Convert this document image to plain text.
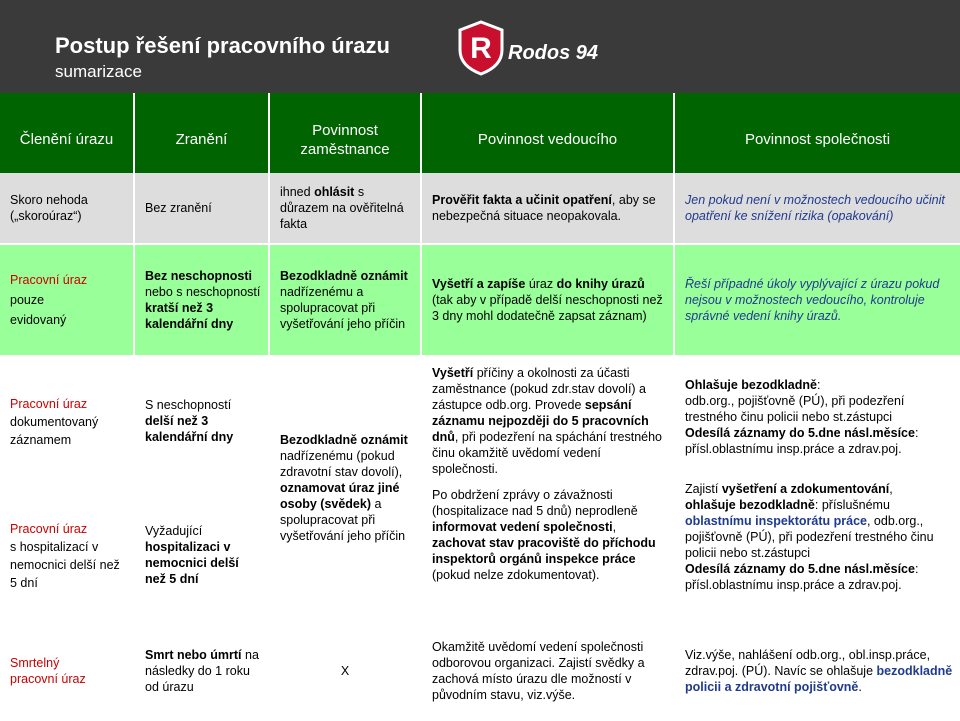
Postup řešení pracovního úrazu
sumarizace
R Rodos 94
Členění úrazu	Zranění
Povinnost zaměstnance
Povinnost vedoucího	Povinnost společnosti

Skoro nehoda

(„skoroúraz“)

Bez zranění

ihned ohlásit s důrazem na ověřitelná fakta

Prověřit fakta a učinit opatření, aby se nebezpečná situace neopakovala.

Jen pokud není v možnostech vedoucího učinit opatření ke snížení rizika (opakování)

Pracovní úraz

pouze

evidovaný

Bez neschopnosti

nebo s neschopností

kratší než 3 kalendářní dny

Bezodkladně oznámit nadřízenému a spolupracovat při vyšetřování jeho příčin

Vyšetří a zapíše úraz do knihy úrazů (tak aby v případě delší neschopnosti než 3 dny mohl dodatečně zapsat záznam)

Řeší případné úkoly vyplývající z úrazu pokud nejsou v možnostech vedoucího, kontroluje správné vedení knihy úrazů.

Pracovní úraz

dokumentovaný

záznamem

Pracovní úraz

s hospitalizací v nemocnici delší než 5 dní

S neschopností delší než 3 kalendářní dny

Vyžadující hospitalizaci v nemocnici delší než 5 dní

Bezodkladně oznámit nadřízenému (pokud zdravotní stav dovolí), oznamovat úraz jiné osoby (svědek) a spolupracovat při vyšetřování jeho příčin

Vyšetří příčiny a okolnosti za účasti zaměstnance (pokud zdr.stav dovolí) a zástupce odb.org. Provede sepsání záznamu nejpozději do 5 pracovních dnů, při podezření na spáchání trestného činu okamžitě uvědomí vedení společnosti.

Po obdržení zprávy o závažnosti (hospitalizace nad 5 dnů) neprodleně informovat vedení společnosti, zachovat stav pracoviště do příchodu inspektorů orgánů inspekce práce (pokud nelze zdokumentovat).

Ohlašuje bezodkladně:

odb.org., pojišťovně (PÚ), při podezření trestného činu policii nebo st.zástupci

Odesílá záznamy do 5.dne násl.měsíce:

přísl.oblastnímu insp.práce a zdrav.poj.

Zajistí vyšetření a zdokumentování,

ohlašuje bezodkladně: příslušnému oblastnímu inspektorátu práce, odb.org., pojišťovně (PÚ), při podezření trestného činu policii nebo st.zástupci

Odesílá záznamy do 5.dne násl.měsíce:

přísl.oblastnímu insp.práce a zdrav.poj.

Smrtelný

pracovní úraz

Smrt nebo úmrtí na následky do 1 roku od úrazu

X
Okamžitě uvědomí vedení společnosti odborovou organizaci. Zajistí svědky a zachová místo úrazu dle možností v původním stavu, viz.výše.

Viz.výše, nahlášení odb.org., obl.insp.práce, zdrav.poj. (PÚ). Navíc se ohlašuje bezodkladně policii a zdravotní pojišťovně.
